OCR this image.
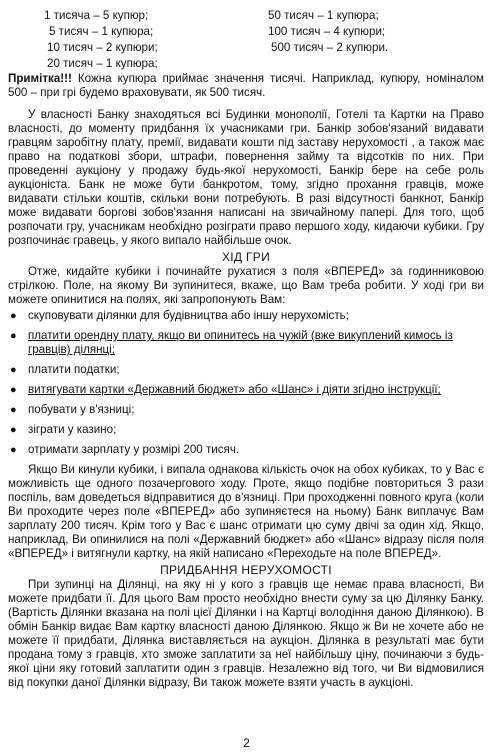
1 тисяча – 5 купюр;
5 тисяч – 1 купюра;
10 тисяч – 2 купюри;
20 тисяч – 1 купюра;
50 тисяч – 1 купюра;
100 тисяч – 4 купюри;
500 тисяч – 2 купюри.

Примітка!!! Кожна купюра приймає значення тисячі. Наприклад, купюру, номіналом 500 – при грі будемо враховувати, як 500 тисяч.

У власності Банку знаходяться всі Будинки монополії, Готелі та Картки на Право власності, до моменту придбання їх учасниками гри. Банкір зобов'язаний видавати гравцям заробітну плату, премії, видавати кошти під заставу нерухомості , а також має право на податкові збори, штрафи, повернення займу та відсотків по них. При проведенні аукціону у продажу будь-якої нерухомості, Банкір бере на себе роль аукціоніста. Банк не може бути банкротом, тому, згідно прохання гравців, може видавати стільки коштів, скільки вони потребують. В разі відсутності банкнот, Банкір може видавати боргові зобов'язання написані на звичайному папері. Для того, щоб розпочати гру, учасникам необхідно розіграти право першого ходу, кидаючи кубики. Гру розпочинає гравець, у якого випало найбільше очок.

ХІД ГРИ

Отже, кидайте кубики і починайте рухатися з поля «ВПЕРЕД» за годинниковою стрілкою. Поле, на якому Ви зупинитеся, вкаже, що Вам треба робити. У ході гри ви можете опинитися на полях, які запропонують Вам:

● скуповувати ділянки для будівництва або іншу нерухомість;
● платити орендну плату, якщо ви опинитесь на чужій (вже викуплений кимось із гравців) ділянці;
● платити податки;
● витягувати картки «Державний бюджет» або «Шанс» і діяти згідно інструкції;
● побувати у в'язниці;
● зіграти у казино;
● отримати зарплату у розмірі 200 тисяч.

Якщо Ви кинули кубики, і випала однакова кількість очок на обох кубиках, то у Вас є можливість ще одного позачергового ходу. Проте, якщо подібне повториться 3 рази поспіль, вам доведеться відправитися до в'язниці. При проходженні повного круга (коли Ви проходите через поле «ВПЕРЕД» або зупиняєтеся на ньому) Банк виплачує Вам зарплату 200 тисяч. Крім того у Вас є шанс отримати цю суму двічі за один хід. Якщо, наприклад, Ви опинилися на полі «Державний бюджет» або «Шанс» відразу після поля «ВПЕРЕД» і витягнули картку, на якій написано «Переходьте на поле ВПЕРЕД».

ПРИДБАННЯ НЕРУХОМОСТІ

При зупинці на Ділянці, на яку ні у кого з гравців ще немає права власності, Ви можете придбати її. Для цього Вам просто необхідно внести суму за цю Ділянку Банку. (Вартість Ділянки вказана на полі цієї Ділянки і на Картці володіння даною Ділянкою). В обмін Банкір видає Вам картку власності даною Ділянкою. Якщо ж Ви не хочете або не можете її придбати, Ділянка виставляється на аукціон. Ділянка в результаті має бути продана тому з гравців, хто зможе заплатити за неї найбільшу ціну, починаючи з будь-якої ціни яку готовий заплатити один з гравців. Незалежно від того, чи Ви відмовилися від покупки даної Ділянки відразу, Ви також можете взяти участь в аукціоні.

2
